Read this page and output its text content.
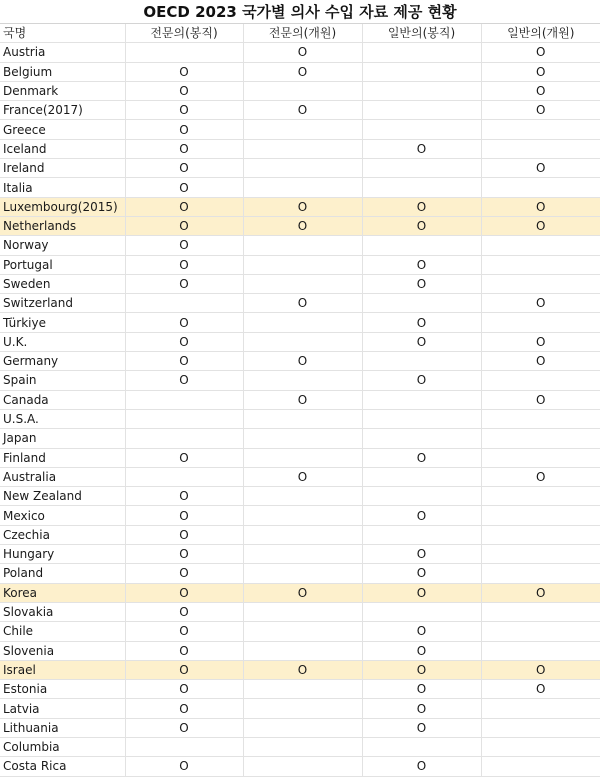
OECD 2023 국가별 의사 수입 자료 제공 현황
국명	전문의(봉직)	전문의(개원)	일반의(봉직)	일반의(개원)
Austria		O		O
Belgium	O	O		O
Denmark	O			O
France(2017)	O	O		O
Greece	O			
Iceland	O		O	
Ireland	O			O
Italia	O			
Luxembourg(2015)	O	O	O	O
Netherlands	O	O	O	O
Norway	O			
Portugal	O		O	
Sweden	O		O	
Switzerland		O		O
Türkiye	O		O	
U.K.	O		O	O
Germany	O	O		O
Spain	O		O	
Canada		O		O
U.S.A.				
Japan				
Finland	O		O	
Australia		O		O
New Zealand	O			
Mexico	O		O	
Czechia	O			
Hungary	O		O	
Poland	O		O	
Korea	O	O	O	O
Slovakia	O			
Chile	O		O	
Slovenia	O		O	
Israel	O	O	O	O
Estonia	O		O	O
Latvia	O		O	
Lithuania	O		O	
Columbia				
Costa Rica	O		O	
